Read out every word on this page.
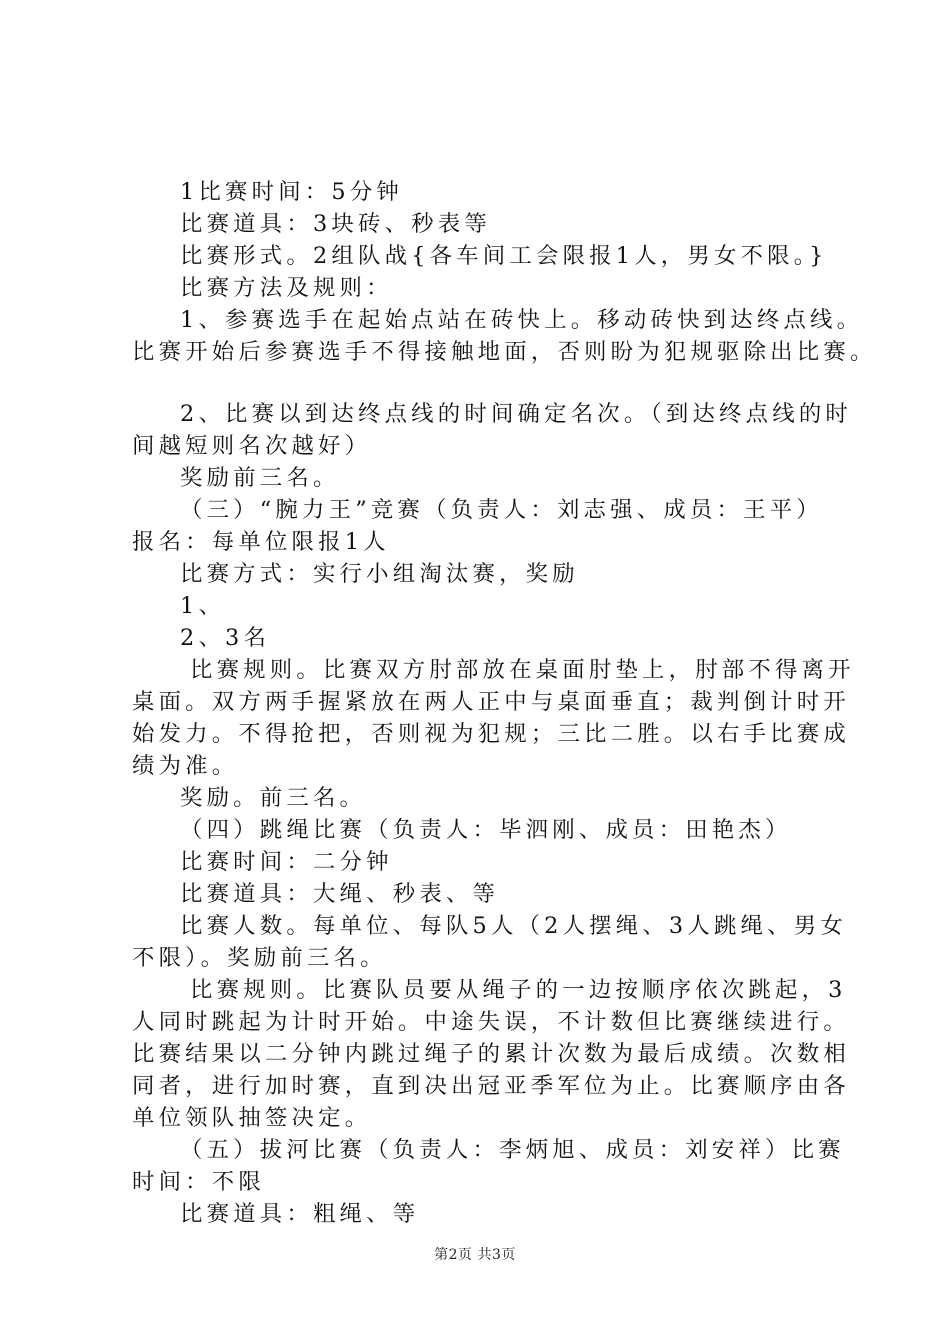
1比赛时间：5分钟
比赛道具：3块砖、秒表等
比赛形式。2组队战{各车间工会限报1人，男女不限。}
比赛方法及规则：
1、参赛选手在起始点站在砖快上。移动砖快到达终点线。
比赛开始后参赛选手不得接触地面，否则盼为犯规驱除出比赛。
2、比赛以到达终点线的时间确定名次。（到达终点线的时
间越短则名次越好）
奖励前三名。
（三）“腕力王”竞赛（负责人：刘志强、成员：王平）
报名：每单位限报1人
比赛方式：实行小组淘汰赛，奖励
1、
2、3名
比赛规则。比赛双方肘部放在桌面肘垫上，肘部不得离开
桌面。双方两手握紧放在两人正中与桌面垂直；裁判倒计时开
始发力。不得抢把，否则视为犯规；三比二胜。以右手比赛成
绩为准。
奖励。前三名。
（四）跳绳比赛（负责人：毕泗刚、成员：田艳杰）
比赛时间：二分钟
比赛道具：大绳、秒表、等
比赛人数。每单位、每队5人（2人摆绳、3人跳绳、男女
不限）。奖励前三名。
比赛规则。比赛队员要从绳子的一边按顺序依次跳起，3
人同时跳起为计时开始。中途失误，不计数但比赛继续进行。
比赛结果以二分钟内跳过绳子的累计次数为最后成绩。次数相
同者，进行加时赛，直到决出冠亚季军位为止。比赛顺序由各
单位领队抽签决定。
（五）拔河比赛（负责人：李炳旭、成员：刘安祥）比赛
时间：不限
比赛道具：粗绳、等
第2页 共3页
